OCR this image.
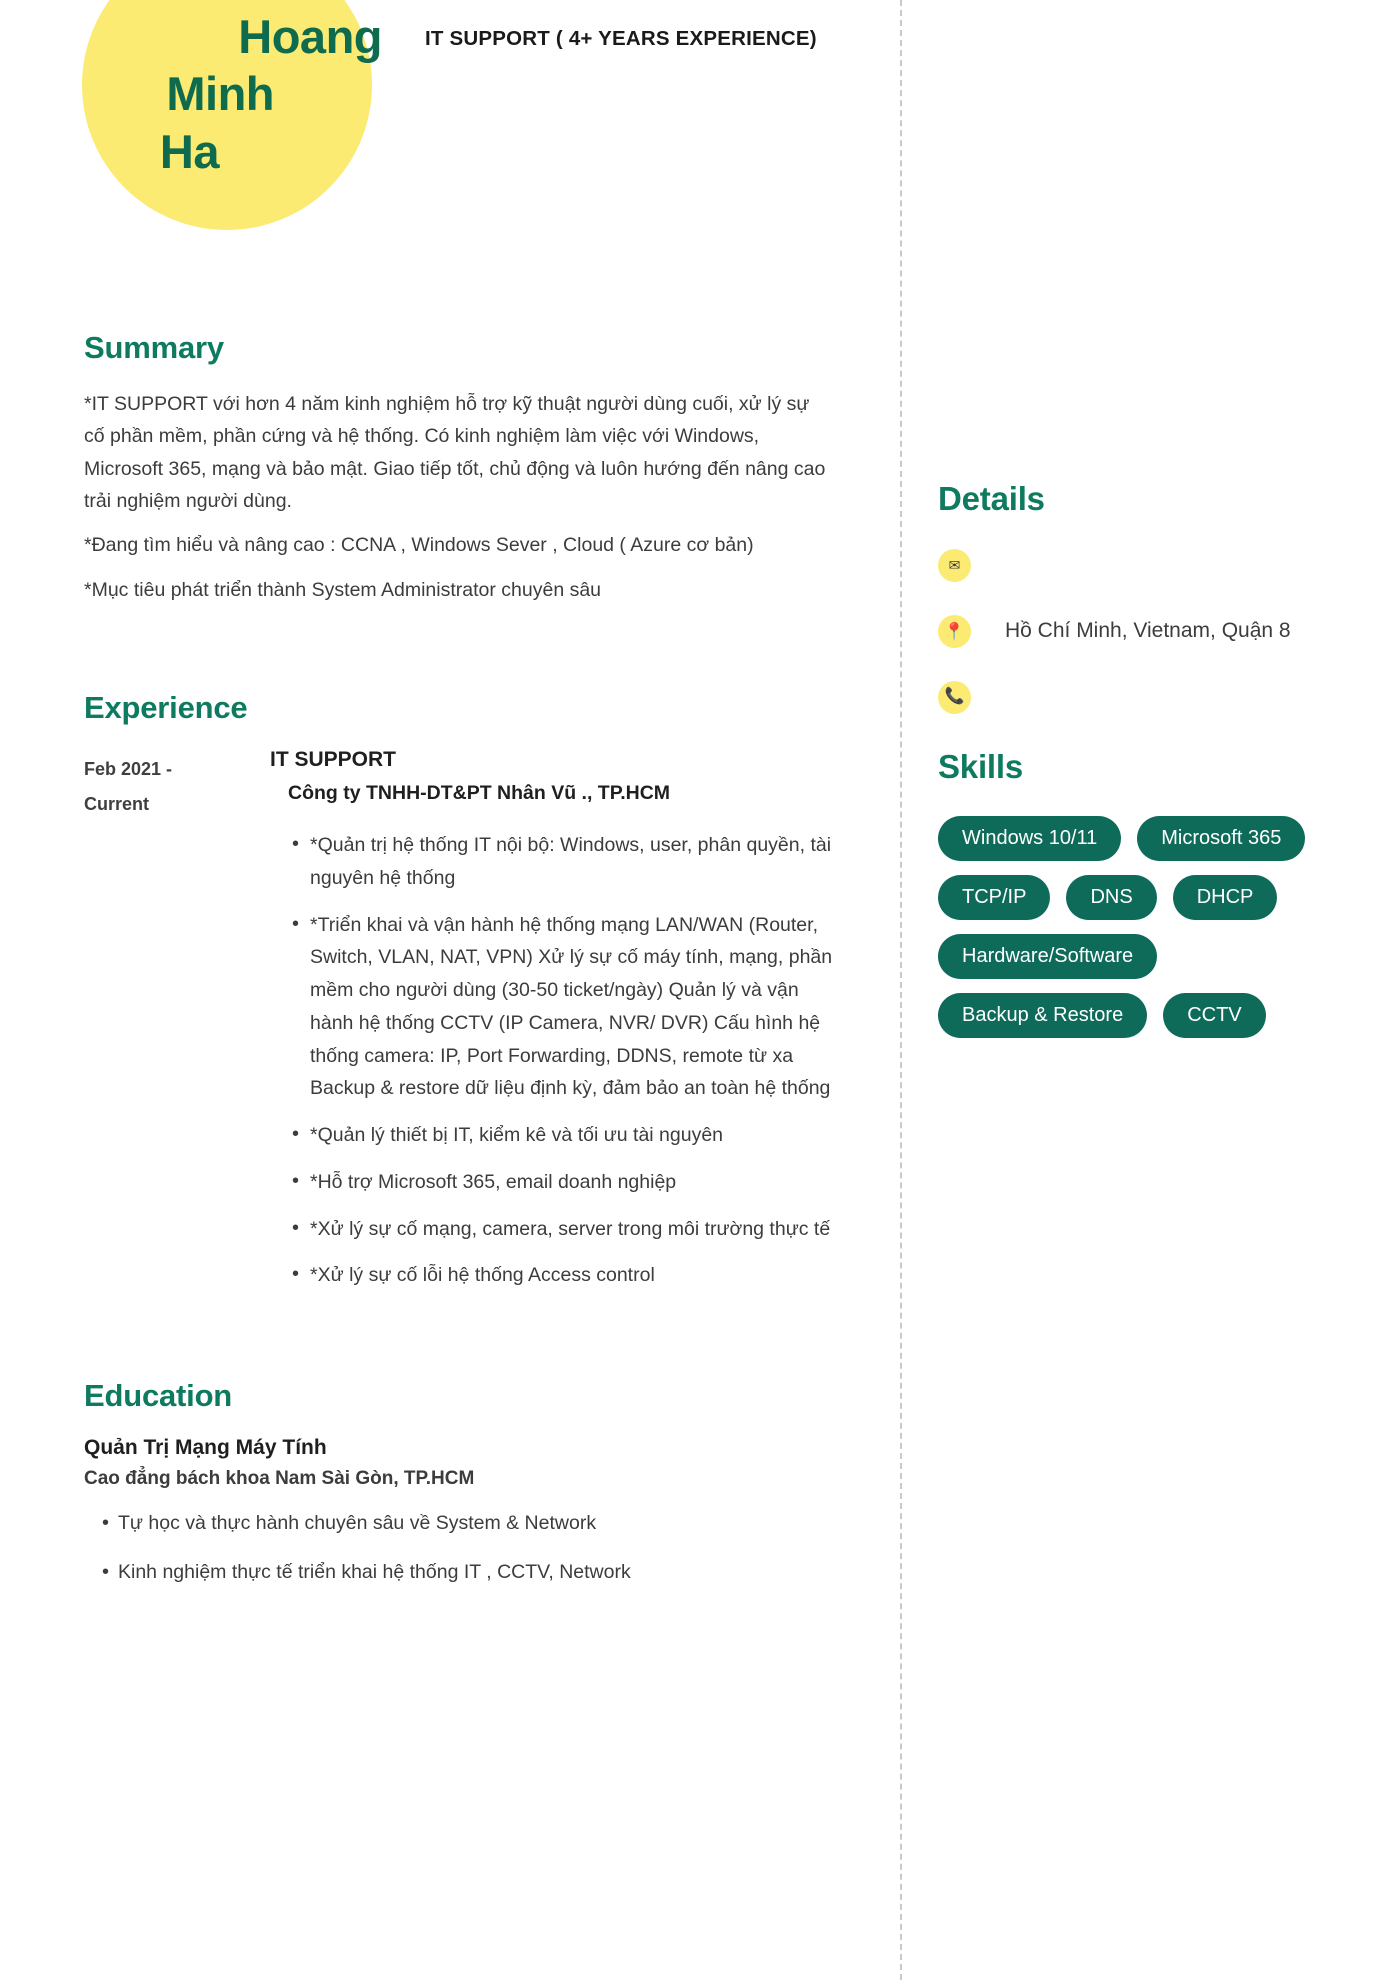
Hoang
Minh
Ha
IT SUPPORT ( 4+ YEARS EXPERIENCE)
Summary

*IT SUPPORT với hơn 4 năm kinh nghiệm hỗ trợ kỹ thuật người dùng cuối, xử lý sự cố phần mềm, phần cứng và hệ thống. Có kinh nghiệm làm việc với Windows, Microsoft 365, mạng và bảo mật. Giao tiếp tốt, chủ động và luôn hướng đến nâng cao trải nghiệm người dùng.

*Đang tìm hiểu và nâng cao : CCNA , Windows Sever , Cloud ( Azure cơ bản)

*Mục tiêu phát triển thành System Administrator chuyên sâu

Experience
Feb 2021 -
Current
IT SUPPORT
Công ty TNHH-DT&PT Nhân Vũ ., TP.HCM
• *Quản trị hệ thống IT nội bộ: Windows, user, phân quyền, tài nguyên hệ thống
• *Triển khai và vận hành hệ thống mạng LAN/WAN (Router, Switch, VLAN, NAT, VPN) Xử lý sự cố máy tính, mạng, phần mềm cho người dùng (30-50 ticket/ngày) Quản lý và vận hành hệ thống CCTV (IP Camera, NVR/ DVR) Cấu hình hệ thống camera: IP, Port Forwarding, DDNS, remote từ xa Backup & restore dữ liệu định kỳ, đảm bảo an toàn hệ thống
• *Quản lý thiết bị IT, kiểm kê và tối ưu tài nguyên
• *Hỗ trợ Microsoft 365, email doanh nghiệp
• *Xử lý sự cố mạng, camera, server trong môi trường thực tế
• *Xử lý sự cố lỗi hệ thống Access control
Education
Quản Trị Mạng Máy Tính
Cao đẳng bách khoa Nam Sài Gòn, TP.HCM
• Tự học và thực hành chuyên sâu về System & Network
• Kinh nghiệm thực tế triển khai hệ thống IT , CCTV, Network
Details
✉
📍 Hồ Chí Minh, Vietnam, Quận 8
📞
Skills
Windows 10/11	Microsoft 365
TCP/IP	DNS	DHCP
Hardware/Software
Backup & Restore	CCTV
